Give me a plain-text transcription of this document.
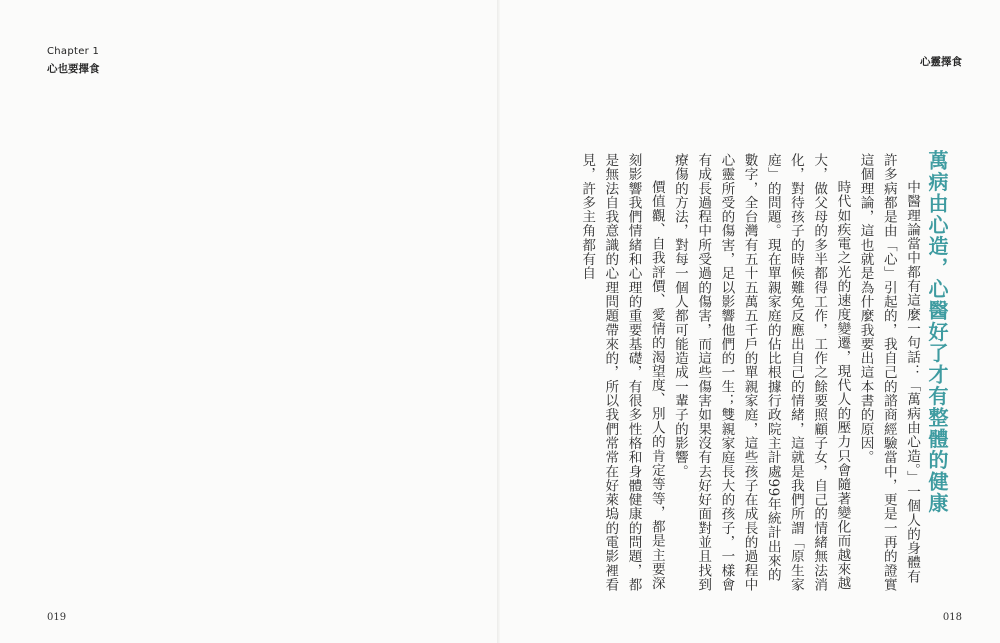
Chapter 1
心也要擇食

019
心靈擇食
萬病由心造，心醫好了才有整體的健康

中醫理論當中都有這麼一句話：「萬病由心造。」一個人的身體有許多病都是由「心」引起的，我自己的諮商經驗當中，更是一再的證實這個理論，這也就是為什麼我要出這本書的原因。

時代如疾電之光的速度變遷，現代人的壓力只會隨著變化而越來越大，做父母的多半都得工作，工作之餘要照顧子女，自己的情緒無法消化，對待孩子的時候難免反應出自己的情緒，這就是我們所謂「原生家庭」的問題。現在單親家庭的佔比根據行政院主計處99年統計出來的數字，全台灣有五十五萬五千戶的單親家庭，這些孩子在成長的過程中心靈所受的傷害，足以影響他們的一生；雙親家庭長大的孩子，一樣會有成長過程中所受過的傷害，而這些傷害如果沒有去好好面對並且找到療傷的方法，對每一個人都可能造成一輩子的影響。

價值觀、自我評價、愛情的渴望度、別人的肯定等等，都是主要深刻影響我們情緒和心理的重要基礎，有很多性格和身體健康的問題，都是無法自我意識的心理問題帶來的，所以我們常常在好萊塢的電影裡看見，許多主角都有自

018
